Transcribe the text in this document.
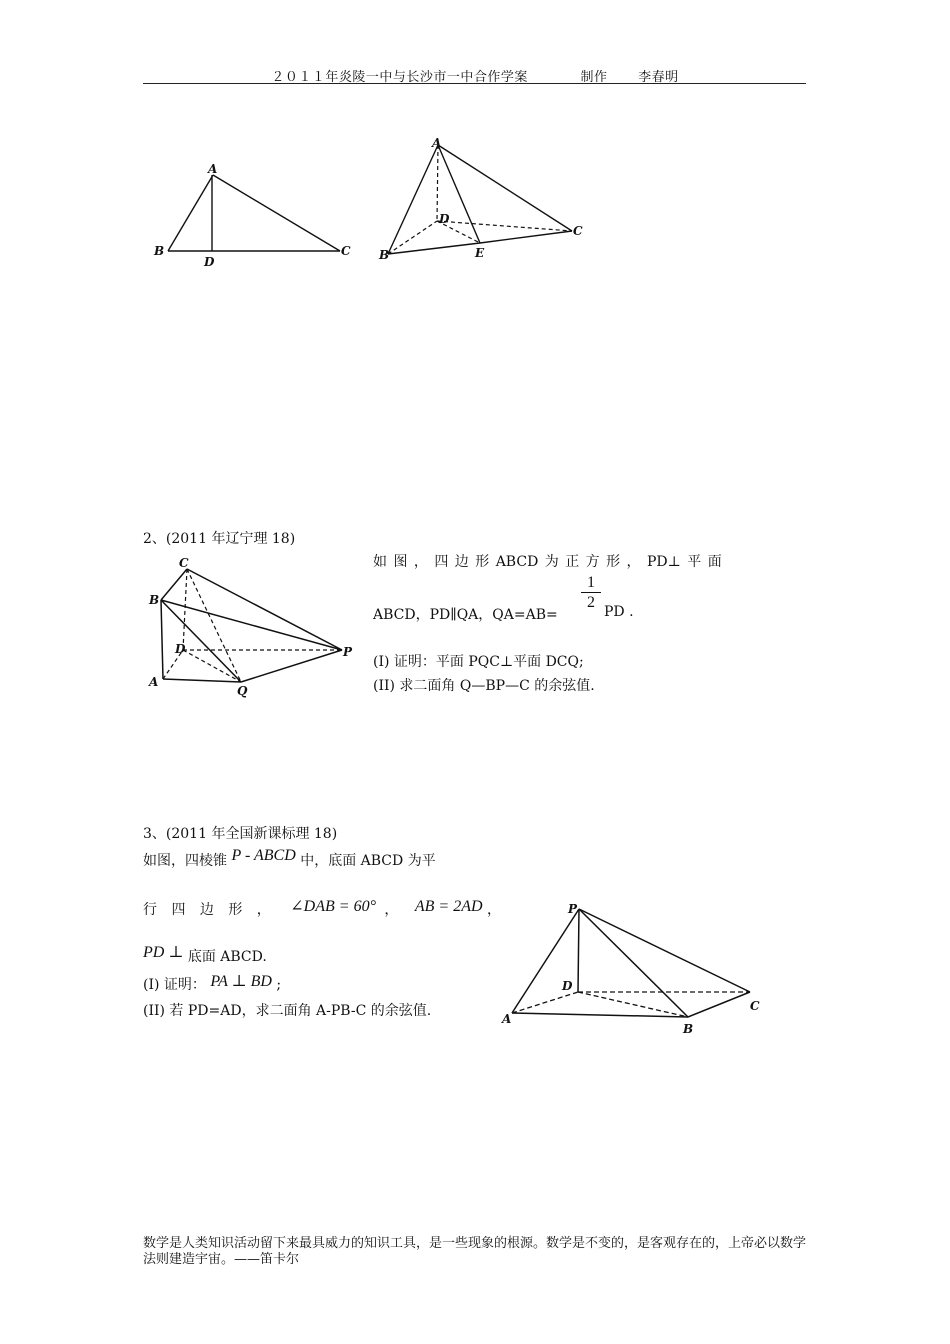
２０１１年炎陵一中与长沙市一中合作学案	制作 李春明
A
B
D
C
A
D
B	E
C
2、(2011 年辽宁理 18)
C
B
D	P
A
Q
如 图 ， 四 边 形 ABCD 为 正 方 形 ， PD⊥ 平 面
ABCD，PD∥QA，QA=AB=
$\frac{1}{2}$ PD .
(I) 证明：平面 PQC⊥平面 DCQ;
(II) 求二面角 Q—BP—C 的余弦值.
3、(2011 年全国新课标理 18)
如图，四棱锥 P - ABCD 中，底面 ABCD 为平
行 四 边 形 ， ∠DAB = 60° ， AB = 2AD ，
PD ⊥ 底面 ABCD.
(I) 证明： PA ⊥ BD ;
(II) 若 PD=AD，求二面角 A-PB-C 的余弦值.
P
D
C
A
B
数学是人类知识活动留下来最具威力的知识工具，是一些现象的根源。数学是不变的，是客观存在的，上帝必以数学法则建造宇宙。——笛卡尔
